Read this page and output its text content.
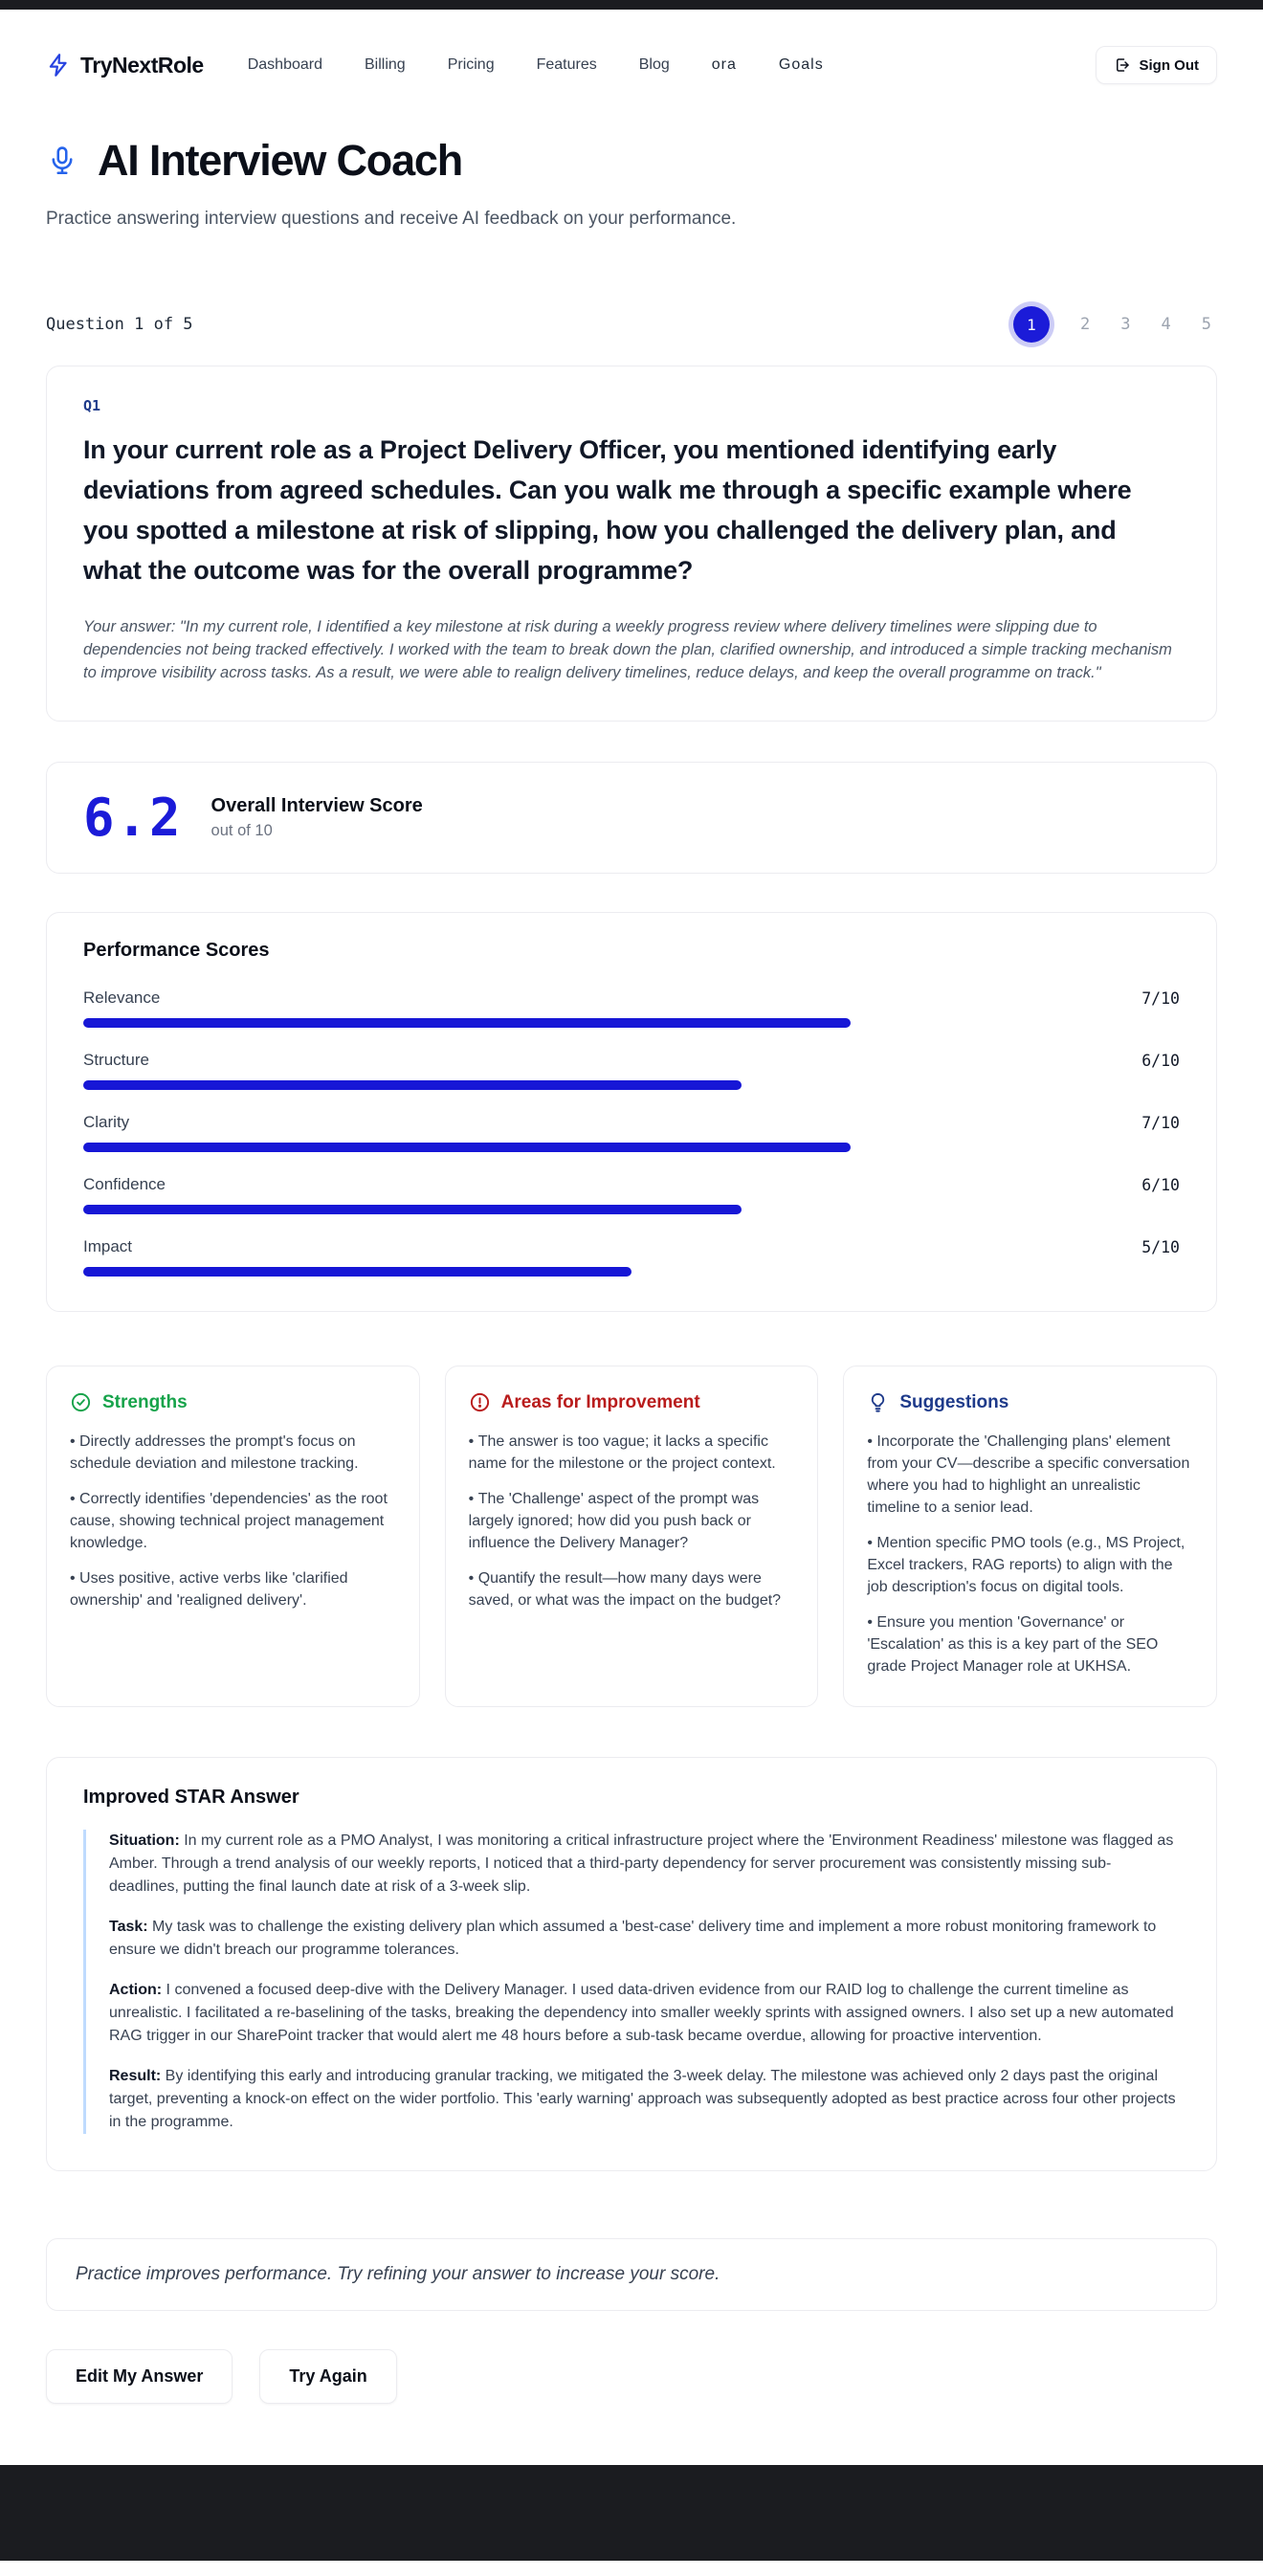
TryNextRole	Dashboard	Billing	Pricing	Features	Blog	ora	Goals	Sign Out
AI Interview Coach

Practice answering interview questions and receive AI feedback on your performance.

Question 1 of 5	1	2 3 4 5
Q1
In your current role as a Project Delivery Officer, you mentioned identifying early deviations from agreed schedules. Can you walk me through a specific example where you spotted a milestone at risk of slipping, how you challenged the delivery plan, and what the outcome was for the overall programme?

Your answer: "In my current role, I identified a key milestone at risk during a weekly progress review where delivery timelines were slipping due to dependencies not being tracked effectively. I worked with the team to break down the plan, clarified ownership, and introduced a simple tracking mechanism to improve visibility across tasks. As a result, we were able to realign delivery timelines, reduce delays, and keep the overall programme on track."

6.2 Overall Interview Score
out of 10
Performance Scores
Relevance	7/10
Structure	6/10
Clarity	7/10
Confidence	6/10
Impact	5/10
Strengths

• Directly addresses the prompt's focus on schedule deviation and milestone tracking.

• Correctly identifies 'dependencies' as the root cause, showing technical project management knowledge.

• Uses positive, active verbs like 'clarified ownership' and 'realigned delivery'.

Areas for Improvement

• The answer is too vague; it lacks a specific name for the milestone or the project context.

• The 'Challenge' aspect of the prompt was largely ignored; how did you push back or influence the Delivery Manager?

• Quantify the result—how many days were saved, or what was the impact on the budget?

Suggestions

• Incorporate the 'Challenging plans' element from your CV—describe a specific conversation where you had to highlight an unrealistic timeline to a senior lead.

• Mention specific PMO tools (e.g., MS Project, Excel trackers, RAG reports) to align with the job description's focus on digital tools.

• Ensure you mention 'Governance' or 'Escalation' as this is a key part of the SEO grade Project Manager role at UKHSA.

Improved STAR Answer

Situation: In my current role as a PMO Analyst, I was monitoring a critical infrastructure project where the 'Environment Readiness' milestone was flagged as Amber. Through a trend analysis of our weekly reports, I noticed that a third-party dependency for server procurement was consistently missing sub-deadlines, putting the final launch date at risk of a 3-week slip.

Task: My task was to challenge the existing delivery plan which assumed a 'best-case' delivery time and implement a more robust monitoring framework to ensure we didn't breach our programme tolerances.

Action: I convened a focused deep-dive with the Delivery Manager. I used data-driven evidence from our RAID log to challenge the current timeline as unrealistic. I facilitated a re-baselining of the tasks, breaking the dependency into smaller weekly sprints with assigned owners. I also set up a new automated RAG trigger in our SharePoint tracker that would alert me 48 hours before a sub-task became overdue, allowing for proactive intervention.

Result: By identifying this early and introducing granular tracking, we mitigated the 3-week delay. The milestone was achieved only 2 days past the original target, preventing a knock-on effect on the wider portfolio. This 'early warning' approach was subsequently adopted as best practice across four other projects in the programme.

Practice improves performance. Try refining your answer to increase your score.
Edit My Answer	Try Again
